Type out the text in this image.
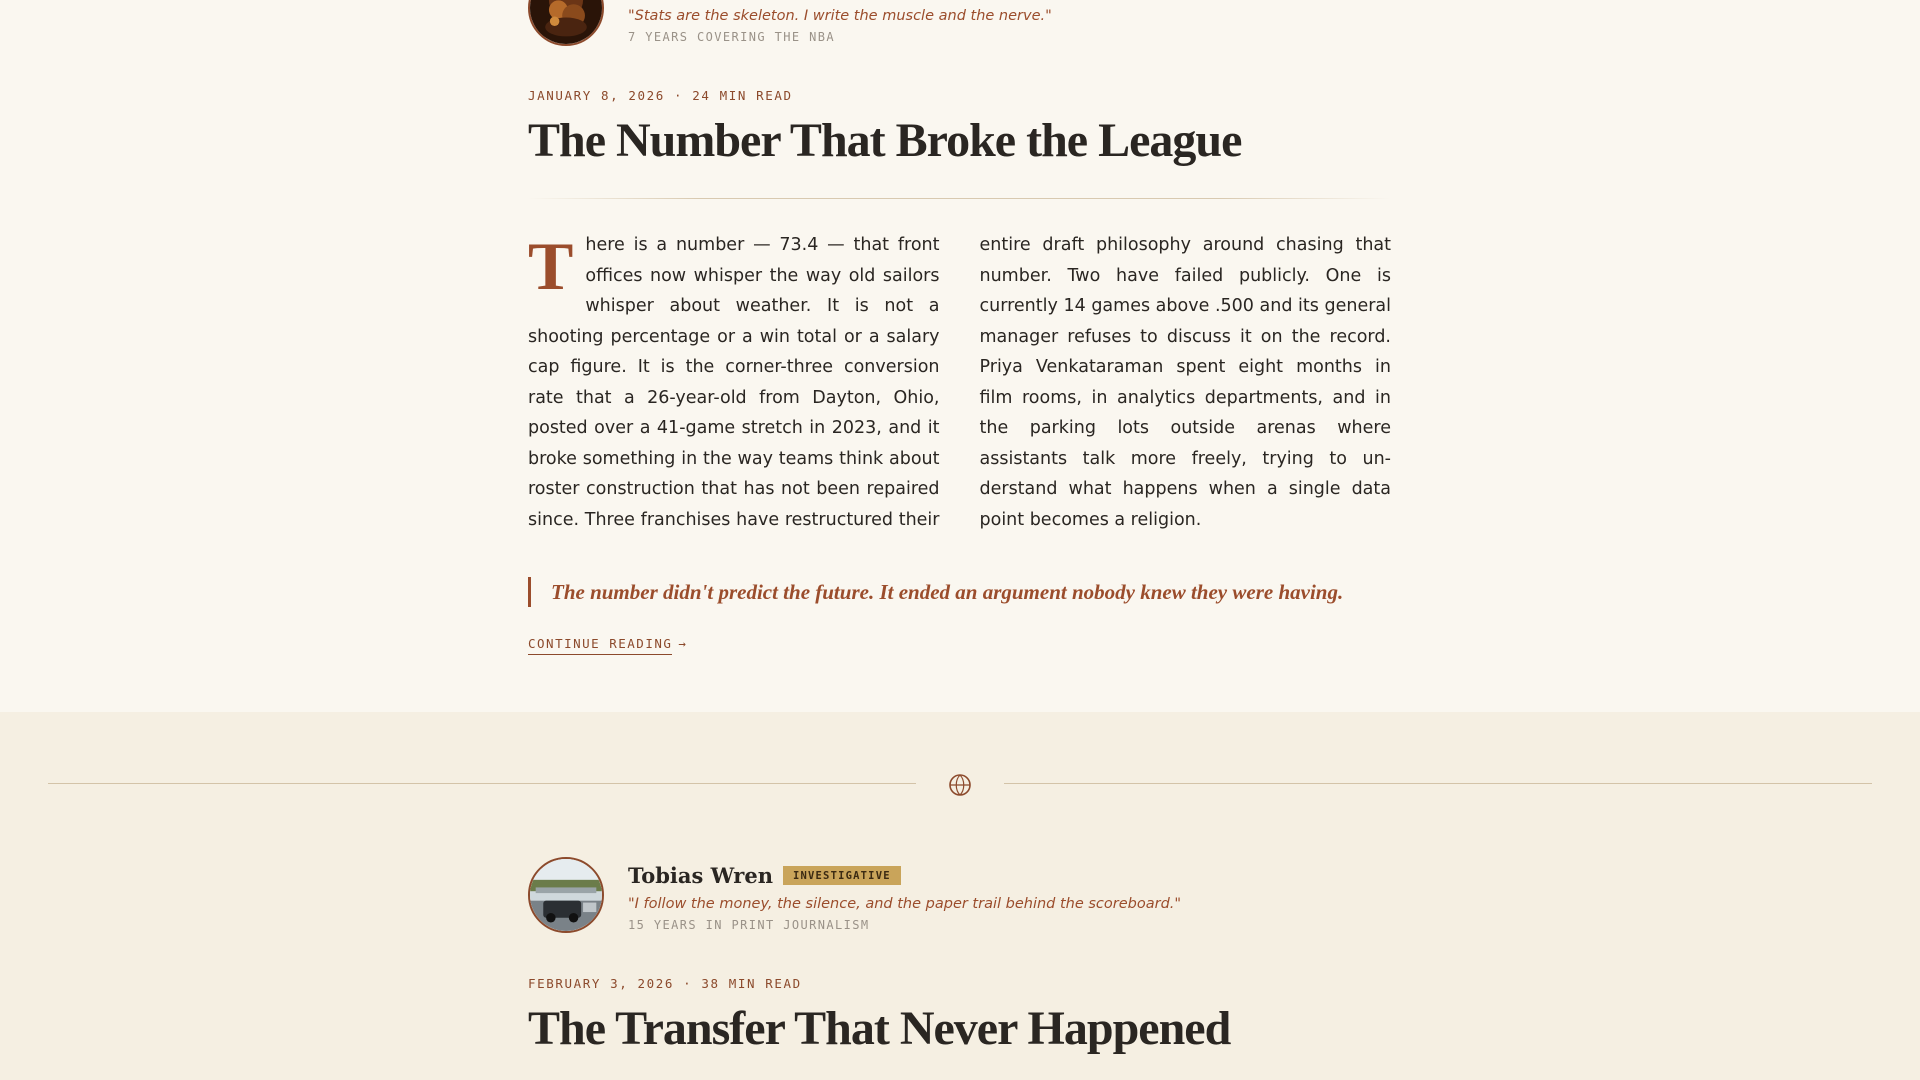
"Stats are the skeleton. I write the muscle and the nerve."
7 YEARS COVERING THE NBA
JANUARY 8, 2026 · 24 MIN READ
The Number That Broke the League
There is a number — 73.4 — that front offices now whisper the way old sailors whisper about weather. It is not a shooting percentage or a win total or a salary cap figure. It is the corner-three conversion rate that a 26-year-old from Dayton, Ohio, posted over a 41-game stretch in 2023, and it broke something in the way teams think about roster construction that has not been repaired since. Three franchises have restructured their entire draft philosophy around chasing that number. Two have failed publicly. One is currently 14 games above .500 and its general manager refuses to discuss it on the record. Priya Venkataraman spent eight months in film rooms, in analytics departments, and in the parking lots outside arenas where assistants talk more freely, trying to understand what happens when a single data point becomes a religion.
The number didn't predict the future. It ended an argument nobody knew they were having.
CONTINUE READING →
Tobias Wren INVESTIGATIVE
"I follow the money, the silence, and the paper trail behind the scoreboard."
15 YEARS IN PRINT JOURNALISM
FEBRUARY 3, 2026 · 38 MIN READ
The Transfer That Never Happened
